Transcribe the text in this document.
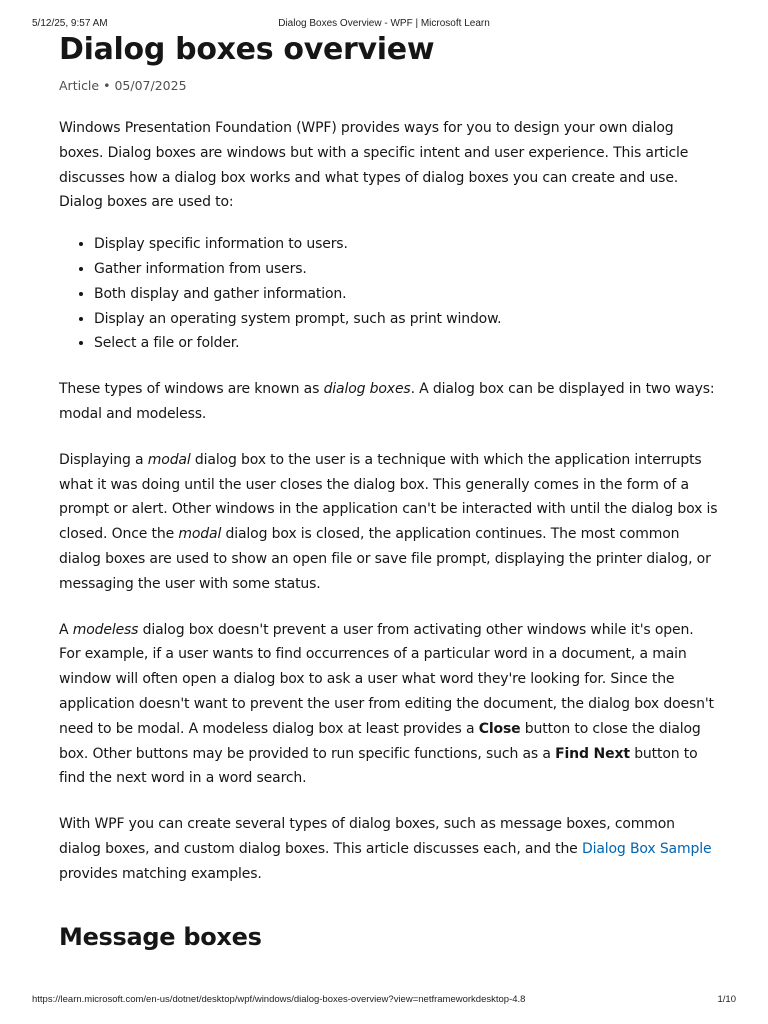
5/12/25, 9:57 AM	Dialog Boxes Overview - WPF | Microsoft Learn
Dialog boxes overview
Article • 05/07/2025

Windows Presentation Foundation (WPF) provides ways for you to design your own dialog boxes. Dialog boxes are windows but with a specific intent and user experience. This article discusses how a dialog box works and what types of dialog boxes you can create and use. Dialog boxes are used to:

• Display specific information to users.
• Gather information from users.
• Both display and gather information.
• Display an operating system prompt, such as print window.
• Select a file or folder.

These types of windows are known as dialog boxes. A dialog box can be displayed in two ways: modal and modeless.

Displaying a modal dialog box to the user is a technique with which the application interrupts what it was doing until the user closes the dialog box. This generally comes in the form of a prompt or alert. Other windows in the application can't be interacted with until the dialog box is closed. Once the modal dialog box is closed, the application continues. The most common dialog boxes are used to show an open file or save file prompt, displaying the printer dialog, or messaging the user with some status.

A modeless dialog box doesn't prevent a user from activating other windows while it's open. For example, if a user wants to find occurrences of a particular word in a document, a main window will often open a dialog box to ask a user what word they're looking for. Since the application doesn't want to prevent the user from editing the document, the dialog box doesn't need to be modal. A modeless dialog box at least provides a Close button to close the dialog box. Other buttons may be provided to run specific functions, such as a Find Next button to find the next word in a word search.

With WPF you can create several types of dialog boxes, such as message boxes, common dialog boxes, and custom dialog boxes. This article discusses each, and the Dialog Box Sample provides matching examples.

Message boxes
https://learn.microsoft.com/en-us/dotnet/desktop/wpf/windows/dialog-boxes-overview?view=netframeworkdesktop-4.8	1/10
